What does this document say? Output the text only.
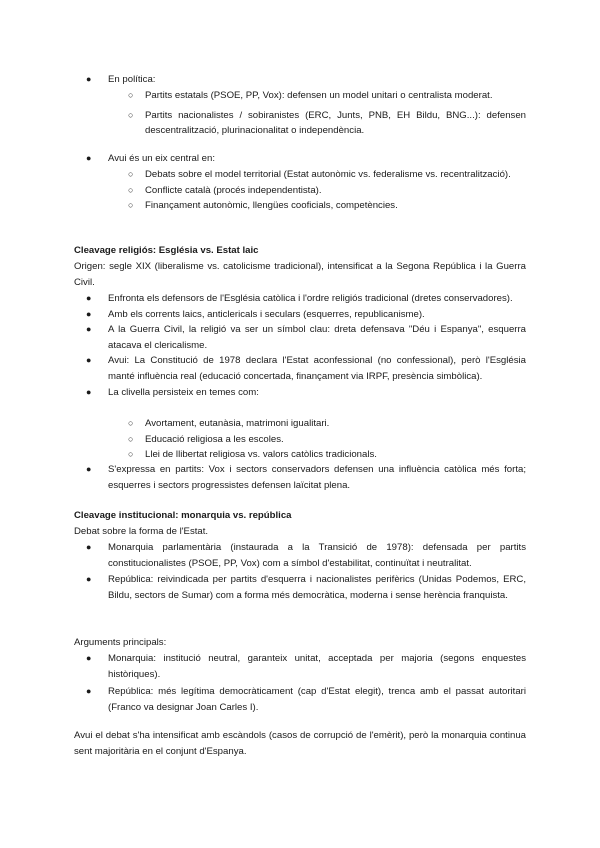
● En política:
○ Partits estatals (PSOE, PP, Vox): defensen un model unitari o centralista moderat.
○ Partits nacionalistes / sobiranistes (ERC, Junts, PNB, EH Bildu, BNG...): defensen descentralització, plurinacionalitat o independència.
● Avui és un eix central en:
○ Debats sobre el model territorial (Estat autonòmic vs. federalisme vs. recentralització).
○ Conflicte català (procés independentista).
○ Finançament autonòmic, llengües cooficials, competències.

Cleavage religiós: Església vs. Estat laic

Origen: segle XIX (liberalisme vs. catolicisme tradicional), intensificat a la Segona República i la Guerra Civil.

● Enfronta els defensors de l'Església catòlica i l'ordre religiós tradicional (dretes conservadores).
● Amb els corrents laics, anticlericals i seculars (esquerres, republicanisme).
● A la Guerra Civil, la religió va ser un símbol clau: dreta defensava "Déu i Espanya", esquerra atacava el clericalisme.
● Avui: La Constitució de 1978 declara l'Estat aconfessional (no confessional), però l'Església manté influència real (educació concertada, finançament via IRPF, presència simbòlica).
● La clivella persisteix en temes com:
○ Avortament, eutanàsia, matrimoni igualitari.
○ Educació religiosa a les escoles.
○ Llei de llibertat religiosa vs. valors catòlics tradicionals.
● S'expressa en partits: Vox i sectors conservadors defensen una influència catòlica més forta; esquerres i sectors progressistes defensen laïcitat plena.

Cleavage institucional: monarquia vs. república

Debat sobre la forma de l'Estat.

● Monarquia parlamentària (instaurada a la Transició de 1978): defensada per partits constitucionalistes (PSOE, PP, Vox) com a símbol d'estabilitat, continuïtat i neutralitat.
● República: reivindicada per partits d'esquerra i nacionalistes perifèrics (Unidas Podemos, ERC, Bildu, sectors de Sumar) com a forma més democràtica, moderna i sense herència franquista.

Arguments principals:

● Monarquia: institució neutral, garanteix unitat, acceptada per majoria (segons enquestes històriques).
● República: més legítima democràticament (cap d'Estat elegit), trenca amb el passat autoritari (Franco va designar Joan Carles I).

Avui el debat s'ha intensificat amb escàndols (casos de corrupció de l'emèrit), però la monarquia continua sent majoritària en el conjunt d'Espanya.
